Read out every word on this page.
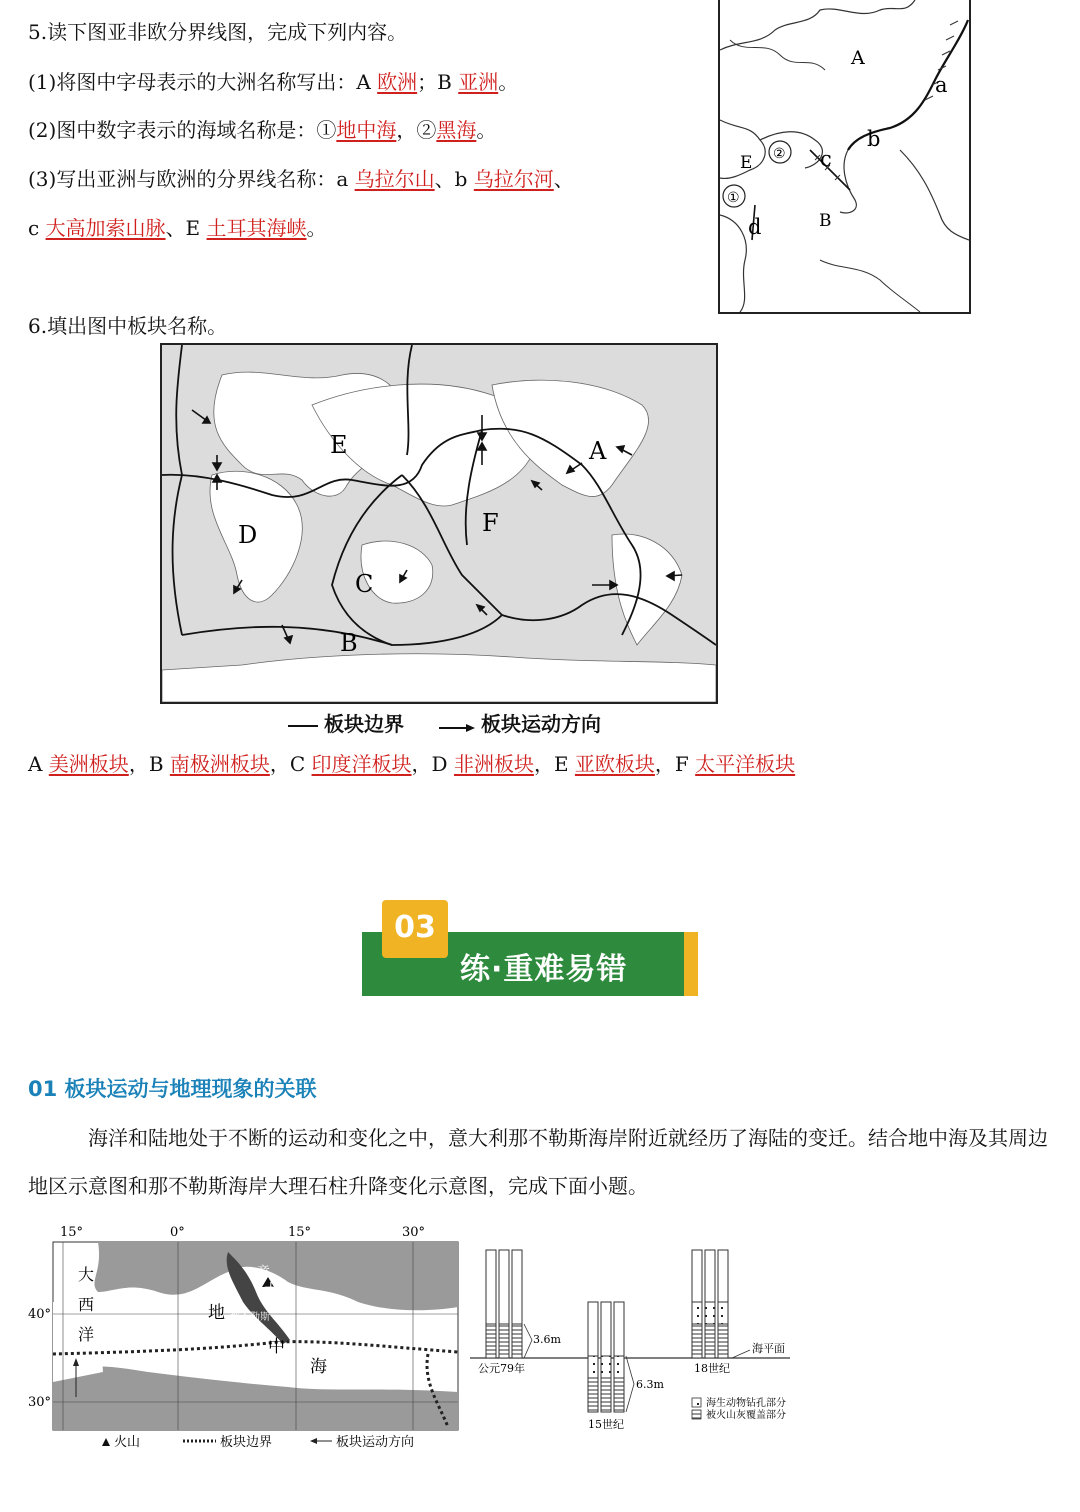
5.读下图亚非欧分界线图，完成下列内容。
(1)将图中字母表示的大洲名称写出：A 欧洲；B 亚洲。
(2)图中数字表示的海域名称是：①地中海，②黑海。
(3)写出亚洲与欧洲的分界线名称：a 乌拉尔山、b 乌拉尔河、
c 大高加索山脉、E 土耳其海峡。
A
a
b
c
d
E
B
②
①
6.填出图中板块名称。
E	A
F
D
C
B
板块边界	板块运动方向
A 美洲板块，B 南极洲板块，C 印度洋板块，D 非洲板块，E 亚欧板块，F 太平洋板块
练·重难易错
03
01 板块运动与地理现象的关联
海洋和陆地处于不断的运动和变化之中，意大利那不勒斯海岸附近就经历了海陆的变迁。结合地中海及其周边地区示意图和那不勒斯海岸大理石柱升降变化示意图，完成下面小题。
15°	0°	15°	30°
40°
30°
大
西
洋
意
大
利
那不勒斯
地
中
海
火山	板块边界	板块运动方向
3.6m
6.3m
公元79年
15世纪
18世纪
海平面
海生动物钻孔部分
被火山灰覆盖部分
